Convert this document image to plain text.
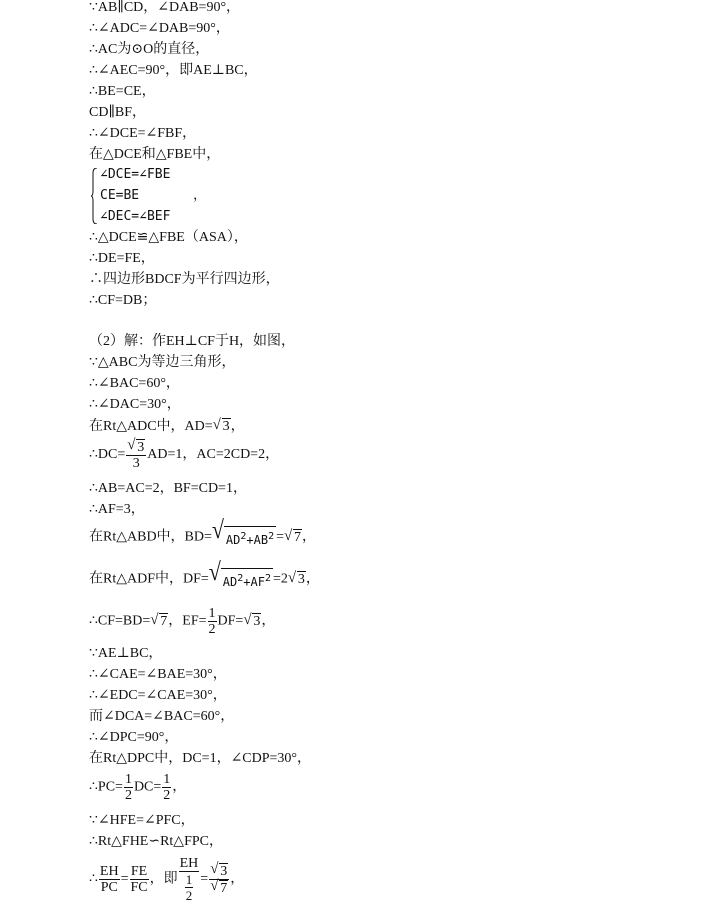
∵AB∥CD，∠DAB=90°，
∴∠ADC=∠DAB=90°，
∴AC为⊙O的直径，
∴∠AEC=90°，即AE⊥BC，
∴BE=CE，
CD∥BF，
∴∠DCE=∠FBF，
在△DCE和△FBE中，
∠DCE=∠FBE
CE=BE	，
∠DEC=∠BEF
∴△DCE≌△FBE（ASA），
∴DE=FE，
∴四边形BDCF为平行四边形，
∴CF=DB；
（2）解：作EH⊥CF于H，如图，
∵△ABC为等边三角形，
∴∠BAC=60°，
∴∠DAC=30°，
在Rt△ADC中，AD=√ 3，
∴DC=
√ $\frac{3}{3} AD=1$，AC=2CD=2，
∴AB=AC=2，BF=CD=1，
∴AF=3，
在Rt△ABD中，BD=√ $AD^2+AB^2$ =√ 7，
在Rt△ADF中，DF=√ $AD^2+AF^2 =2√$ 3，
∴CF=BD=√ 7，$EF= \frac{1}{2} DF=√$ 3，
∵AE⊥BC，
∴∠CAE=∠BAE=30°，
∴∠EDC=∠CAE=30°，
而∠DCA=∠BAC=60°，
∴∠DPC=90°，
在Rt△DPC中，DC=1，∠CDP=30°，
∴PC= $\frac{1}{2} DC= \frac{1}{2}$ ，
∵∠HFE=∠PFC，
∴Rt△FHE∽Rt△FPC，
∴ $\frac{EH}{PC} = \frac{FE}{FC}$ ，即 $\frac{EH}{\frac{1}{2}}$ =
√ 3
√ 7 ，
